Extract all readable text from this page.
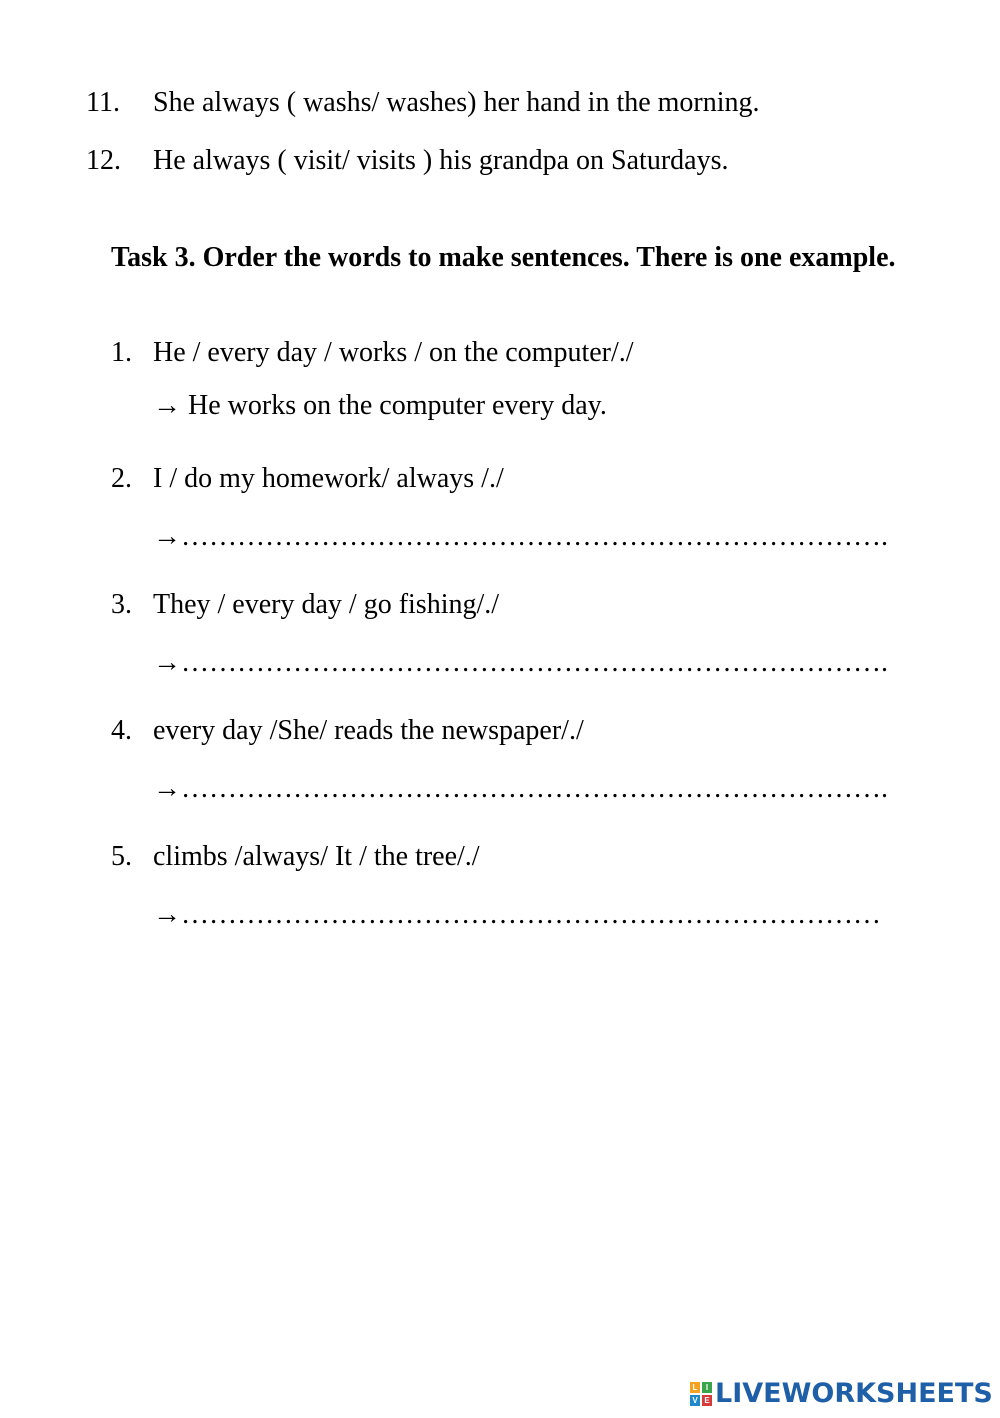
11. She always ( washs/ washes) her hand in the morning.
12. He always ( visit/ visits ) his grandpa on Saturdays.
Task 3. Order the words to make sentences. There is one example.
1. He / every day / works / on the computer/./
→ He works on the computer every day.
2. I / do my homework/ always /./
→………………………………………………………………….
3. They / every day / go fishing/./
→………………………………………………………………….
4. every day /She/ reads the newspaper/./
→………………………………………………………………….
5. climbs /always/ It / the tree/./
→…………………………………………………………………
L	I
V E LIVEWORKSHEETS
